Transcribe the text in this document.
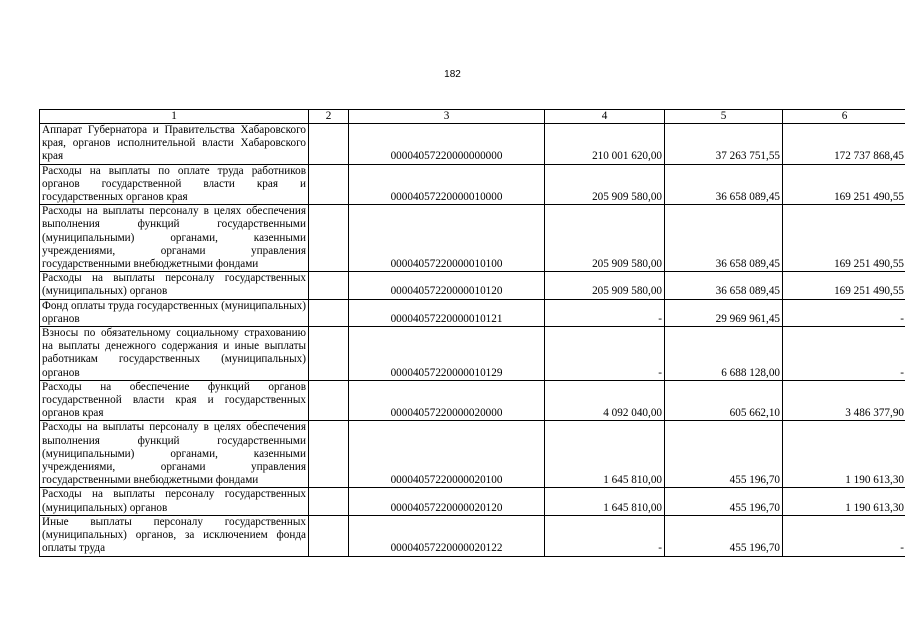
182
1	2	3	4	5	6
Аппарат Губернатора и Правительства Хабаровского края, органов исполнительной власти Хабаровского края		00004057220000000000	210 001 620,00	37 263 751,55	172 737 868,45
Расходы на выплаты по оплате труда работников органов государственной власти края и государственных органов края		00004057220000010000	205 909 580,00	36 658 089,45	169 251 490,55
Расходы на выплаты персоналу в целях обеспечения выполнения функций государственными (муниципальными) органами, казенными учреждениями, органами управления государственными внебюджетными фондами		00004057220000010100	205 909 580,00	36 658 089,45	169 251 490,55
Расходы на выплаты персоналу государственных (муниципальных) органов		00004057220000010120	205 909 580,00	36 658 089,45	169 251 490,55
Фонд оплаты труда государственных (муниципальных) органов		00004057220000010121	-	29 969 961,45	-
Взносы по обязательному социальному страхованию на выплаты денежного содержания и иные выплаты работникам государственных (муниципальных) органов		00004057220000010129	-	6 688 128,00	-
Расходы на обеспечение функций органов государственной власти края и государственных органов края		00004057220000020000	4 092 040,00	605 662,10	3 486 377,90
Расходы на выплаты персоналу в целях обеспечения выполнения функций государственными (муниципальными) органами, казенными учреждениями, органами управления государственными внебюджетными фондами		00004057220000020100	1 645 810,00	455 196,70	1 190 613,30
Расходы на выплаты персоналу государственных (муниципальных) органов		00004057220000020120	1 645 810,00	455 196,70	1 190 613,30
Иные выплаты персоналу государственных (муниципальных) органов, за исключением фонда оплаты труда		00004057220000020122	-	455 196,70	-
